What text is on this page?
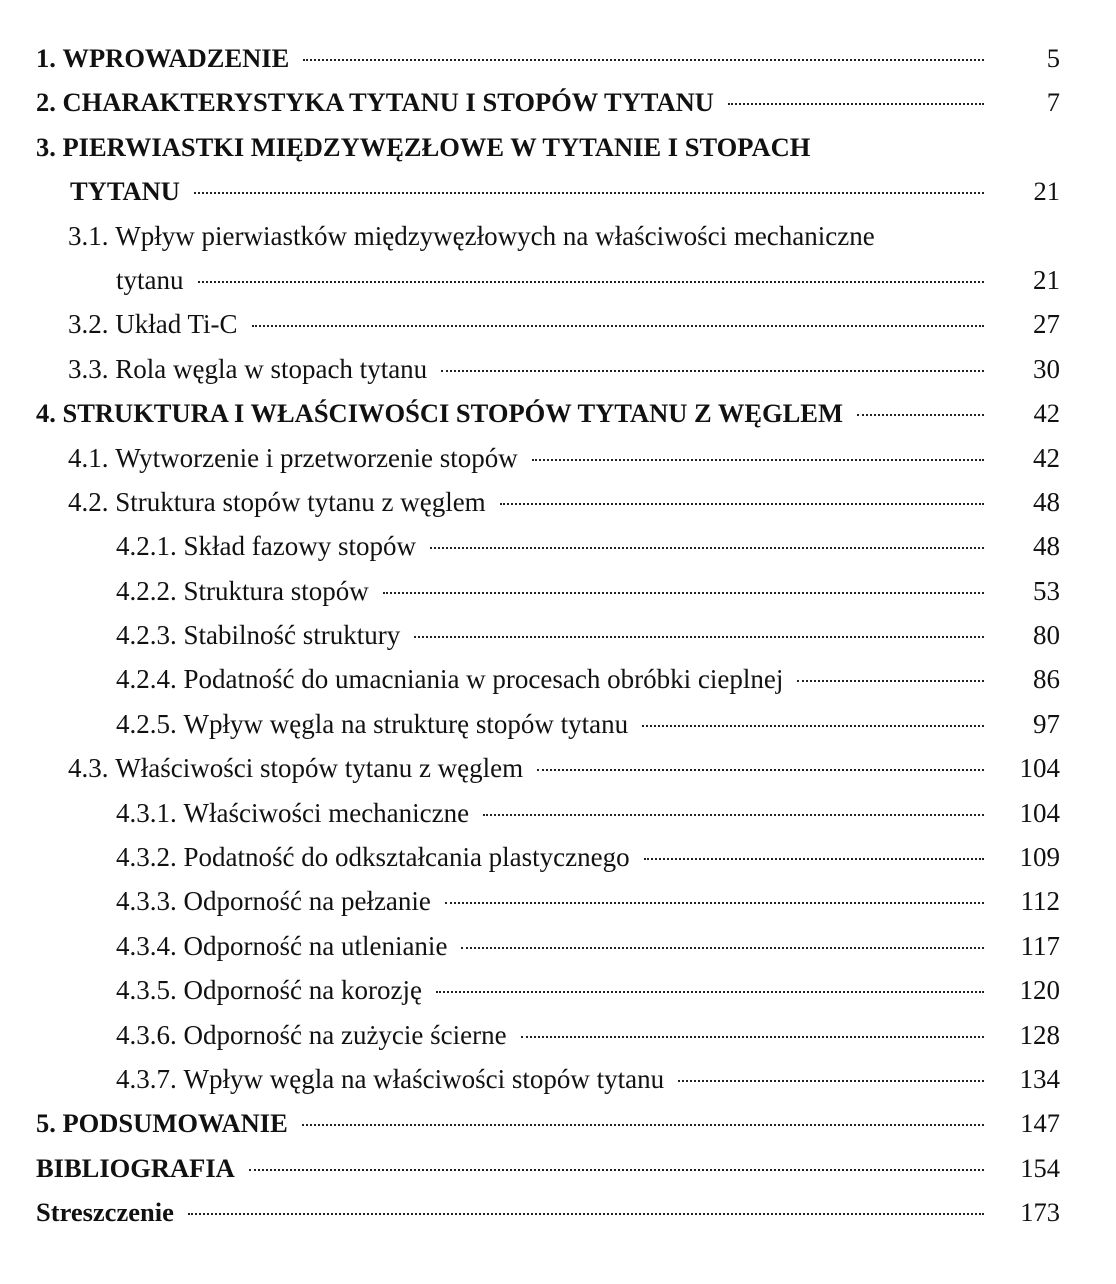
1. WPROWADZENIE	5
2. CHARAKTERYSTYKA TYTANU I STOPÓW TYTANU	7
3. PIERWIASTKI MIĘDZYWĘZŁOWE W TYTANIE I STOPACH
TYTANU	21
3.1. Wpływ pierwiastków międzywęzłowych na właściwości mechaniczne
tytanu	21
3.2. Układ Ti-C	27
3.3. Rola węgla w stopach tytanu	30
4. STRUKTURA I WŁAŚCIWOŚCI STOPÓW TYTANU Z WĘGLEM	42
4.1. Wytworzenie i przetworzenie stopów	42
4.2. Struktura stopów tytanu z węglem	48
4.2.1. Skład fazowy stopów	48
4.2.2. Struktura stopów	53
4.2.3. Stabilność struktury	80
4.2.4. Podatność do umacniania w procesach obróbki cieplnej	86
4.2.5. Wpływ węgla na strukturę stopów tytanu	97
4.3. Właściwości stopów tytanu z węglem	104
4.3.1. Właściwości mechaniczne	104
4.3.2. Podatność do odkształcania plastycznego	109
4.3.3. Odporność na pełzanie	112
4.3.4. Odporność na utlenianie	117
4.3.5. Odporność na korozję	120
4.3.6. Odporność na zużycie ścierne	128
4.3.7. Wpływ węgla na właściwości stopów tytanu	134
5. PODSUMOWANIE	147
BIBLIOGRAFIA	154
Streszczenie	173
